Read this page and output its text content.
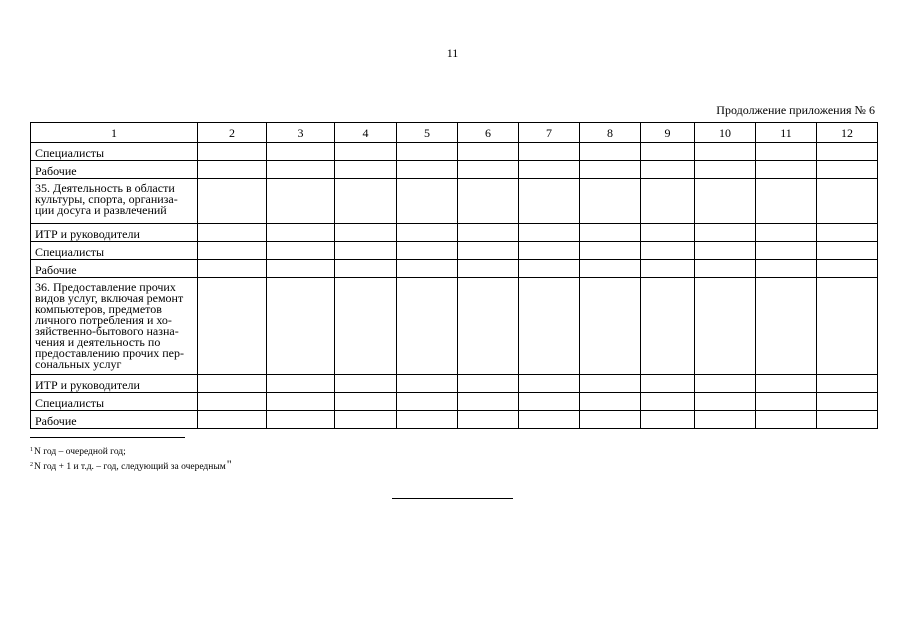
11
Продолжение приложения № 6
1	2	3	4	5	6	7	8	9	10	11	12
Специалисты											
Рабочие											
35. Деятельность в области культуры, спорта, организа-ции досуга и развлечений											
ИТР и руководители											
Специалисты											
Рабочие											
36. Предоставление прочих видов услуг, включая ремонт компьютеров, предметов личного потребления и хо-зяйственно-бытового назна-чения и деятельность по предоставлению прочих пер-сональных услуг											
ИТР и руководители											
Специалисты											
Рабочие											
$^1$N год – очередной год;
$^2$N год + 1 и т.д. – год, следующий за очередным"
